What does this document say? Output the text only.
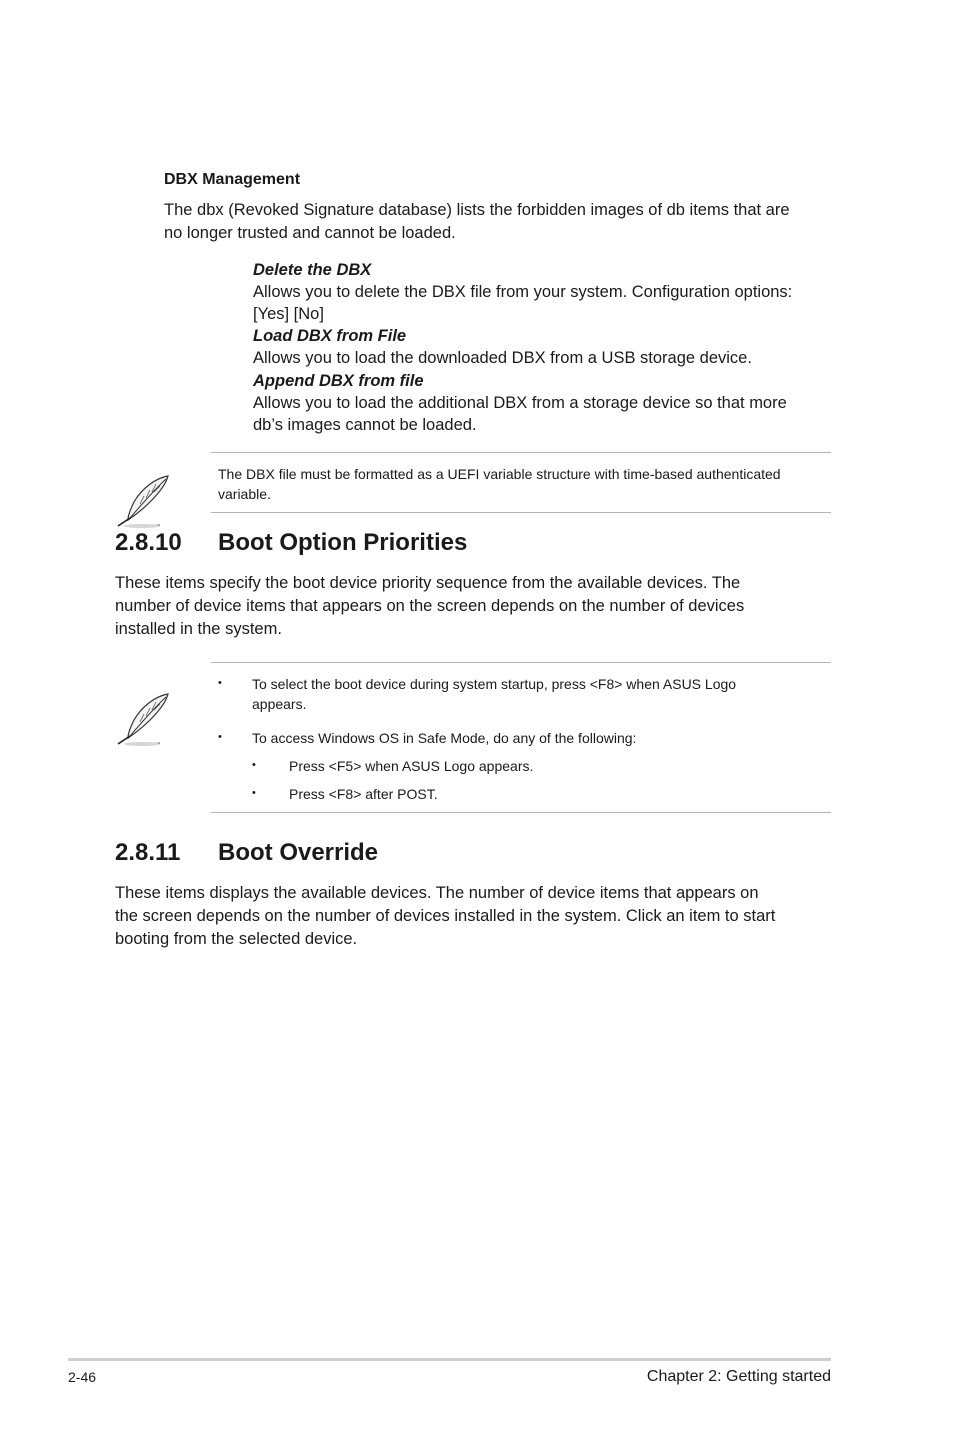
DBX Management
The dbx (Revoked Signature database) lists the forbidden images of db items that are
no longer trusted and cannot be loaded.
Delete the DBX
Allows you to delete the DBX file from your system. Configuration options:
[Yes] [No]
Load DBX from File
Allows you to load the downloaded DBX from a USB storage device.
Append DBX from file
Allows you to load the additional DBX from a storage device so that more
db’s images cannot be loaded.
The DBX file must be formatted as a UEFI variable structure with time-based authenticated
variable.
2.8.10 Boot Option Priorities
These items specify the boot device priority sequence from the available devices. The
number of device items that appears on the screen depends on the number of devices
installed in the system.
• To select the boot device during system startup, press <F8> when ASUS Logo
appears.
• To access Windows OS in Safe Mode, do any of the following:
• Press <F5> when ASUS Logo appears.
• Press <F8> after POST.
2.8.11 Boot Override
These items displays the available devices. The number of device items that appears on
the screen depends on the number of devices installed in the system. Click an item to start
booting from the selected device.
2-46	Chapter 2: Getting started
